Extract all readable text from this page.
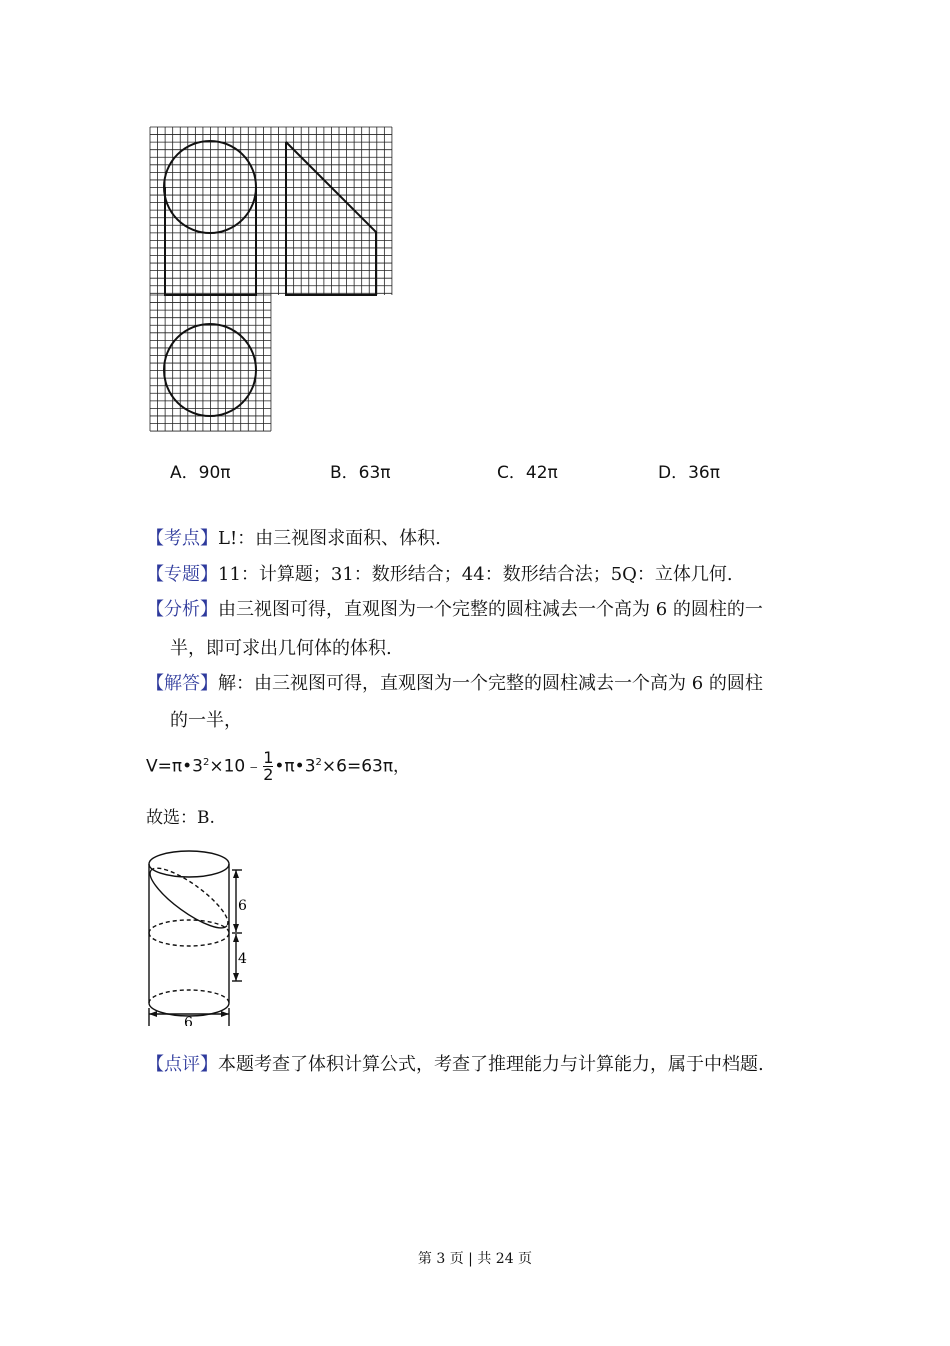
A．90π	B．63π	C．42π	D．36π
【考点】L!：由三视图求面积、体积.
【专题】11：计算题；31：数形结合；44：数形结合法；5Q：立体几何.
【分析】由三视图可得，直观图为一个完整的圆柱减去一个高为 6 的圆柱的一
半，即可求出几何体的体积.
【解答】解：由三视图可得，直观图为一个完整的圆柱减去一个高为 6 的圆柱
的一半，
$V=\pi•3^2\times 10﹣ \frac{1}{2}$ $•\pi•3^2\times 6=63\pi$，
故选：B.
6
4
6
【点评】本题考查了体积计算公式，考查了推理能力与计算能力，属于中档题.
第 3 页 | 共 24 页
